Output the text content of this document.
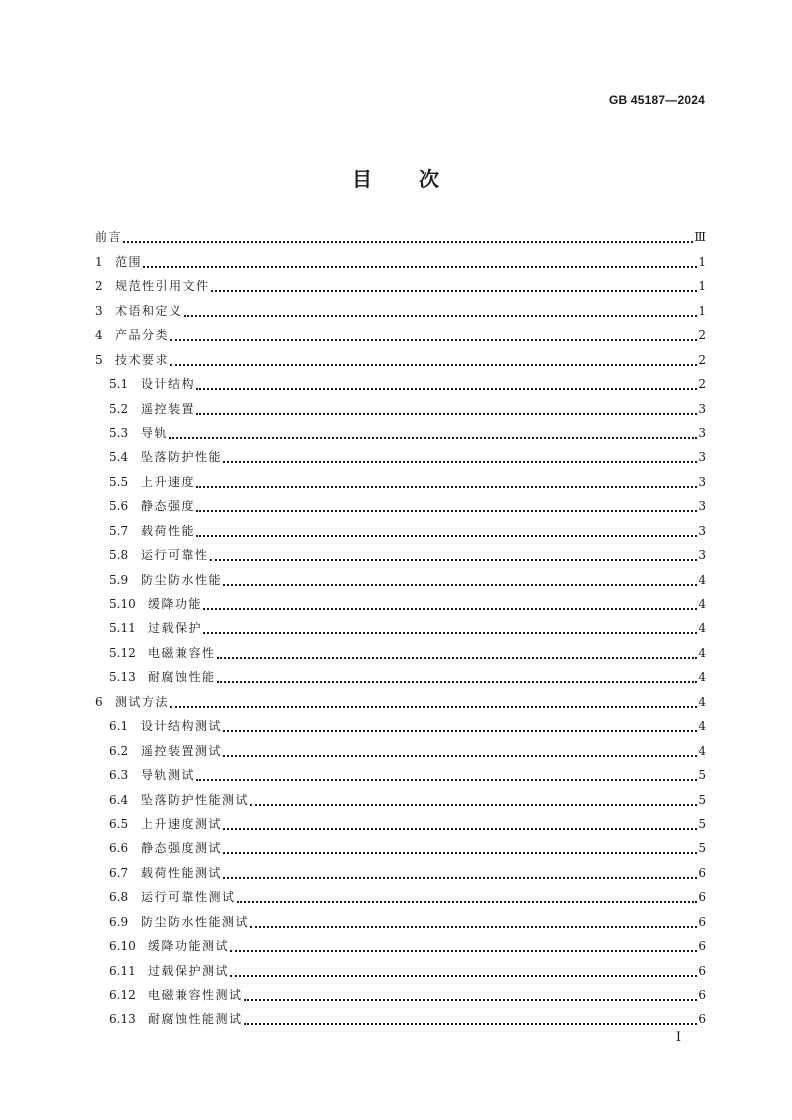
GB 45187—2024
目 次
前言	Ⅲ
1	范围	1
2	规范性引用文件	1
3	术语和定义	1
4	产品分类	2
5	技术要求	2
5.1	设计结构	2
5.2	遥控装置	3
5.3	导轨	3
5.4	坠落防护性能	3
5.5	上升速度	3
5.6	静态强度	3
5.7	载荷性能	3
5.8	运行可靠性	3
5.9	防尘防水性能	4
5.10	缓降功能	4
5.11	过载保护	4
5.12	电磁兼容性	4
5.13	耐腐蚀性能	4
6	测试方法	4
6.1	设计结构测试	4
6.2	遥控装置测试	4
6.3	导轨测试	5
6.4	坠落防护性能测试	5
6.5	上升速度测试	5
6.6	静态强度测试	5
6.7	载荷性能测试	6
6.8	运行可靠性测试	6
6.9	防尘防水性能测试	6
6.10	缓降功能测试	6
6.11	过载保护测试	6
6.12	电磁兼容性测试	6
6.13	耐腐蚀性能测试	6
Ⅰ
